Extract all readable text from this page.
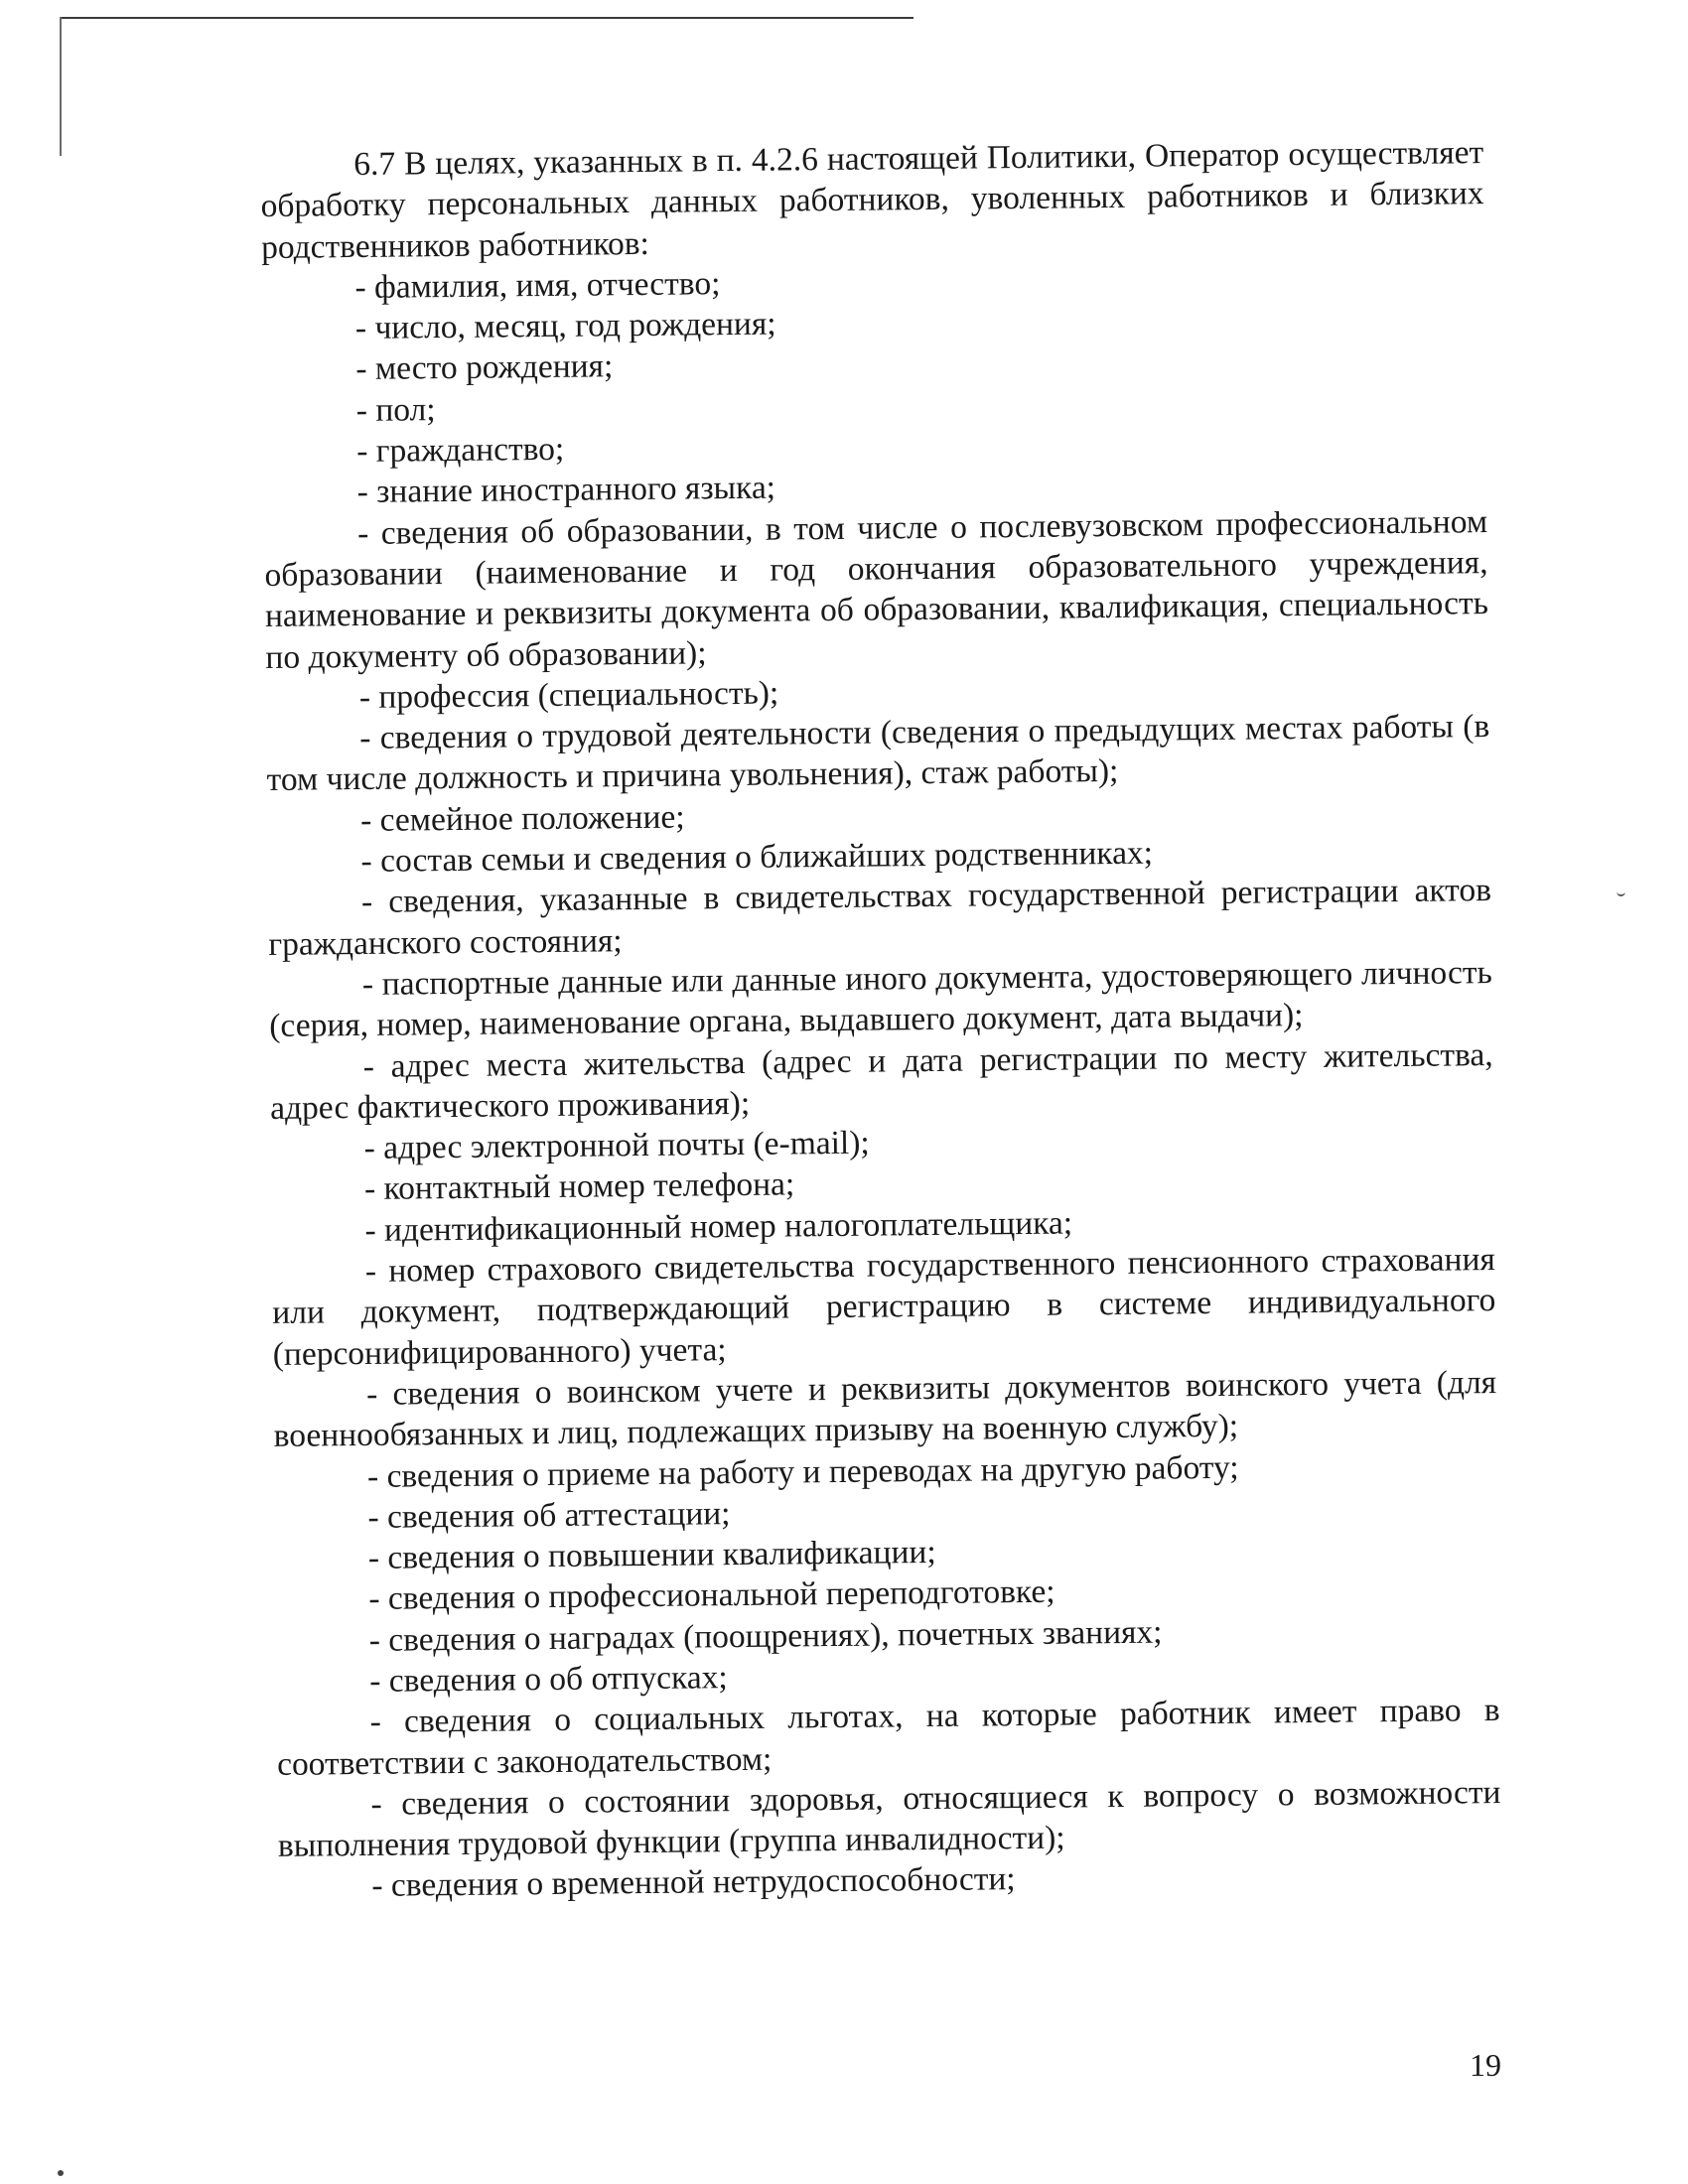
6.7 В целях, указанных в п. 4.2.6 настоящей Политики, Оператор осуществляет обработку персональных данных работников, уволенных работников и близких родственников работников:
- фамилия, имя, отчество;
- число, месяц, год рождения;
- место рождения;
- пол;
- гражданство;
- знание иностранного языка;
- сведения об образовании, в том числе о послевузовском профессиональном образовании (наименование и год окончания образовательного учреждения, наименование и реквизиты документа об образовании, квалификация, специальность по документу об образовании);
- профессия (специальность);
- сведения о трудовой деятельности (сведения о предыдущих местах работы (в том числе должность и причина увольнения), стаж работы);
- семейное положение;
- состав семьи и сведения о ближайших родственниках;
- сведения, указанные в свидетельствах государственной регистрации актов гражданского состояния;
- паспортные данные или данные иного документа, удостоверяющего личность (серия, номер, наименование органа, выдавшего документ, дата выдачи);
- адрес места жительства (адрес и дата регистрации по месту жительства, адрес фактического проживания);
- адрес электронной почты (e-mail);
- контактный номер телефона;
- идентификационный номер налогоплательщика;
- номер страхового свидетельства государственного пенсионного страхования или документ, подтверждающий регистрацию в системе индивидуального (персонифицированного) учета;
- сведения о воинском учете и реквизиты документов воинского учета (для военнообязанных и лиц, подлежащих призыву на военную службу);
- сведения о приеме на работу и переводах на другую работу;
- сведения об аттестации;
- сведения о повышении квалификации;
- сведения о профессиональной переподготовке;
- сведения о наградах (поощрениях), почетных званиях;
- сведения о об отпусках;
- сведения о социальных льготах, на которые работник имеет право в соответствии с законодательством;
- сведения о состоянии здоровья, относящиеся к вопросу о возможности выполнения трудовой функции (группа инвалидности);
- сведения о временной нетрудоспособности;
19
